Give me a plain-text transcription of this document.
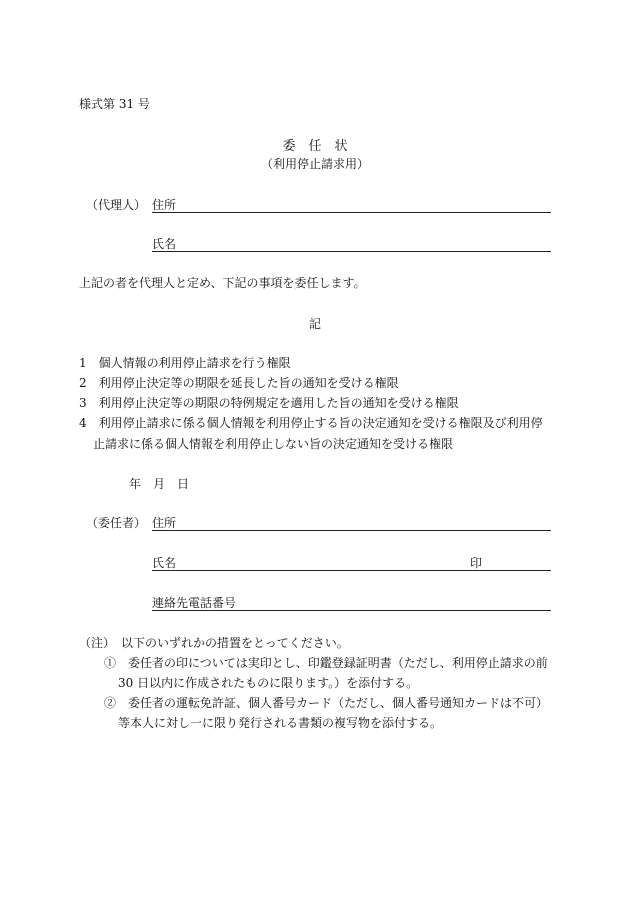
様式第 31 号
委　任　状
（利用停止請求用）
（代理人） 住所
氏名
上記の者を代理人と定め、下記の事項を委任します。
記
1　個人情報の利用停止請求を行う権限
2　利用停止決定等の期限を延長した旨の通知を受ける権限
3　利用停止決定等の期限の特例規定を適用した旨の通知を受ける権限
4　利用停止請求に係る個人情報を利用停止する旨の決定通知を受ける権限及び利用停
止請求に係る個人情報を利用停止しない旨の決定通知を受ける権限
年　月　日
（委任者） 住所
氏名	印
連絡先電話番号
（注）　以下のいずれかの措置をとってください。
①　委任者の印については実印とし、印鑑登録証明書（ただし、利用停止請求の前
30 日以内に作成されたものに限ります。）を添付する。
②　委任者の運転免許証、個人番号カード（ただし、個人番号通知カードは不可）
等本人に対し一に限り発行される書類の複写物を添付する。
